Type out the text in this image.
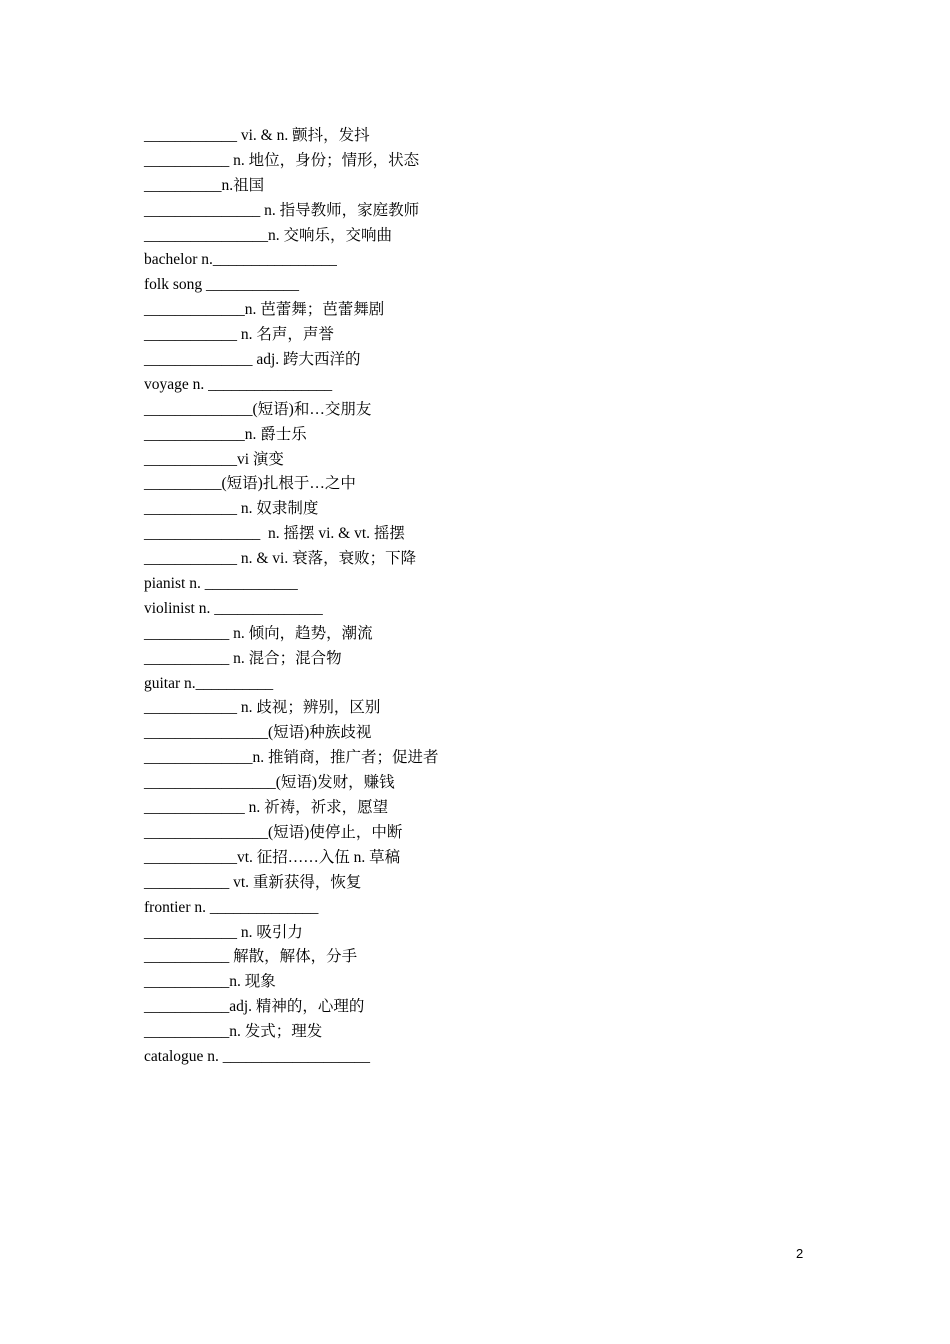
____________ vi. & n. 颤抖，发抖
___________ n. 地位，身份；情形，状态
__________n.祖国
_______________ n. 指导教师，家庭教师
________________n. 交响乐，交响曲
bachelor n.________________
folk song ____________
_____________n. 芭蕾舞；芭蕾舞剧
____________ n. 名声，声誉
______________ adj. 跨大西洋的
voyage n. ________________
______________(短语)和…交朋友
_____________n. 爵士乐
____________vi 演变
__________(短语)扎根于…之中
____________ n. 奴隶制度
_______________  n. 摇摆 vi. & vt. 摇摆
____________ n. & vi. 衰落，衰败；下降
pianist n. ____________
violinist n. ______________
___________ n. 倾向，趋势，潮流
___________ n. 混合；混合物
guitar n.__________
____________ n. 歧视；辨别，区别
________________(短语)种族歧视
______________n. 推销商，推广者；促进者
_________________(短语)发财，赚钱
_____________ n. 祈祷，祈求，愿望
________________(短语)使停止，中断
____________vt. 征招……入伍 n. 草稿
___________ vt. 重新获得，恢复
frontier n. ______________
____________ n. 吸引力
___________ 解散，解体，分手
___________n. 现象
___________adj. 精神的，心理的
___________n. 发式；理发
catalogue n. ___________________
2
